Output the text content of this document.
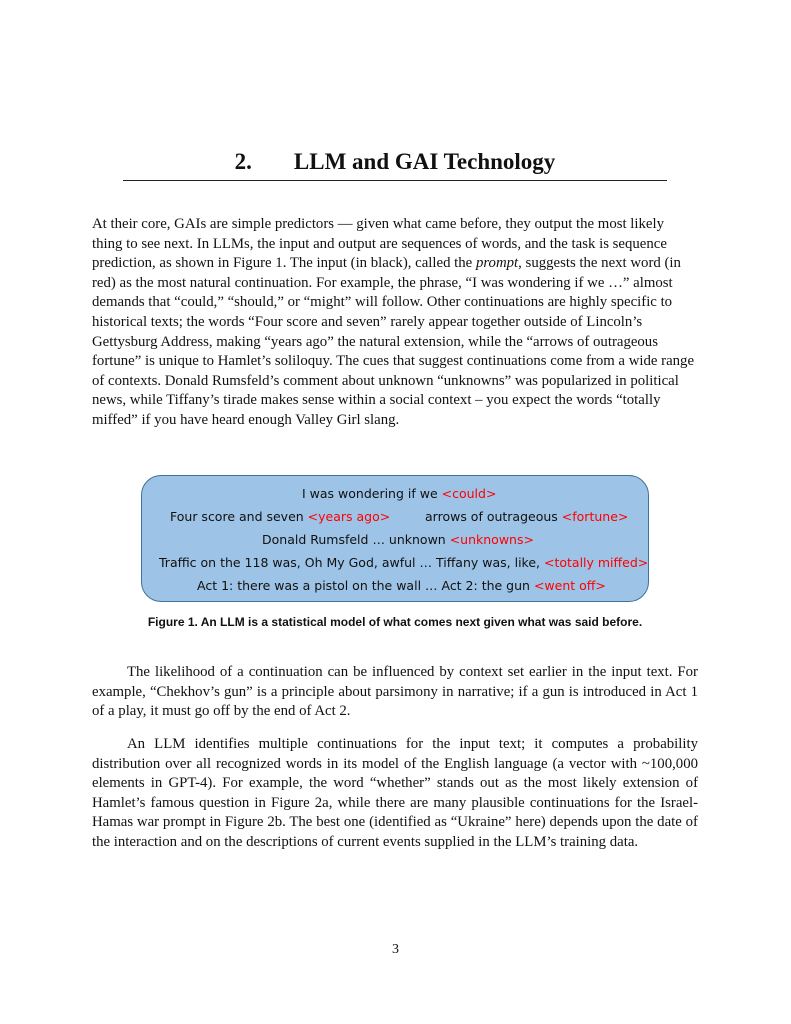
2. LLM and GAI Technology

At their core, GAIs are simple predictors — given what came before, they output the most likely thing to see next. In LLMs, the input and output are sequences of words, and the task is sequence prediction, as shown in Figure 1. The input (in black), called the prompt, suggests the next word (in red) as the most natural continuation. For example, the phrase, “I was wondering if we …” almost demands that “could,” “should,” or “might” will follow. Other continuations are highly specific to historical texts; the words “Four score and seven” rarely appear together outside of Lincoln’s Gettysburg Address, making “years ago” the natural extension, while the “arrows of outrageous fortune” is unique to Hamlet’s soliloquy. The cues that suggest continuations come from a wide range of contexts. Donald Rumsfeld’s comment about unknown “unknowns” was popularized in political news, while Tiffany’s tirade makes sense within a social context – you expect the words “totally miffed” if you have heard enough Valley Girl slang.

I was wondering if we <could>
Four score and seven <years ago>	arrows of outrageous <fortune>
Donald Rumsfeld … unknown <unknowns>
Traffic on the 118 was, Oh My God, awful … Tiffany was, like, <totally miffed>
Act 1: there was a pistol on the wall … Act 2: the gun <went off>
Figure 1. An LLM is a statistical model of what comes next given what was said before.

The likelihood of a continuation can be influenced by context set earlier in the input text. For example, “Chekhov’s gun” is a principle about parsimony in narrative; if a gun is introduced in Act 1 of a play, it must go off by the end of Act 2.

An LLM identifies multiple continuations for the input text; it computes a probability distribution over all recognized words in its model of the English language (a vector with ~100,000 elements in GPT-4). For example, the word “whether” stands out as the most likely extension of Hamlet’s famous question in Figure 2a, while there are many plausible continuations for the Israel-Hamas war prompt in Figure 2b. The best one (identified as “Ukraine” here) depends upon the date of the interaction and on the descriptions of current events supplied in the LLM’s training data.

3
